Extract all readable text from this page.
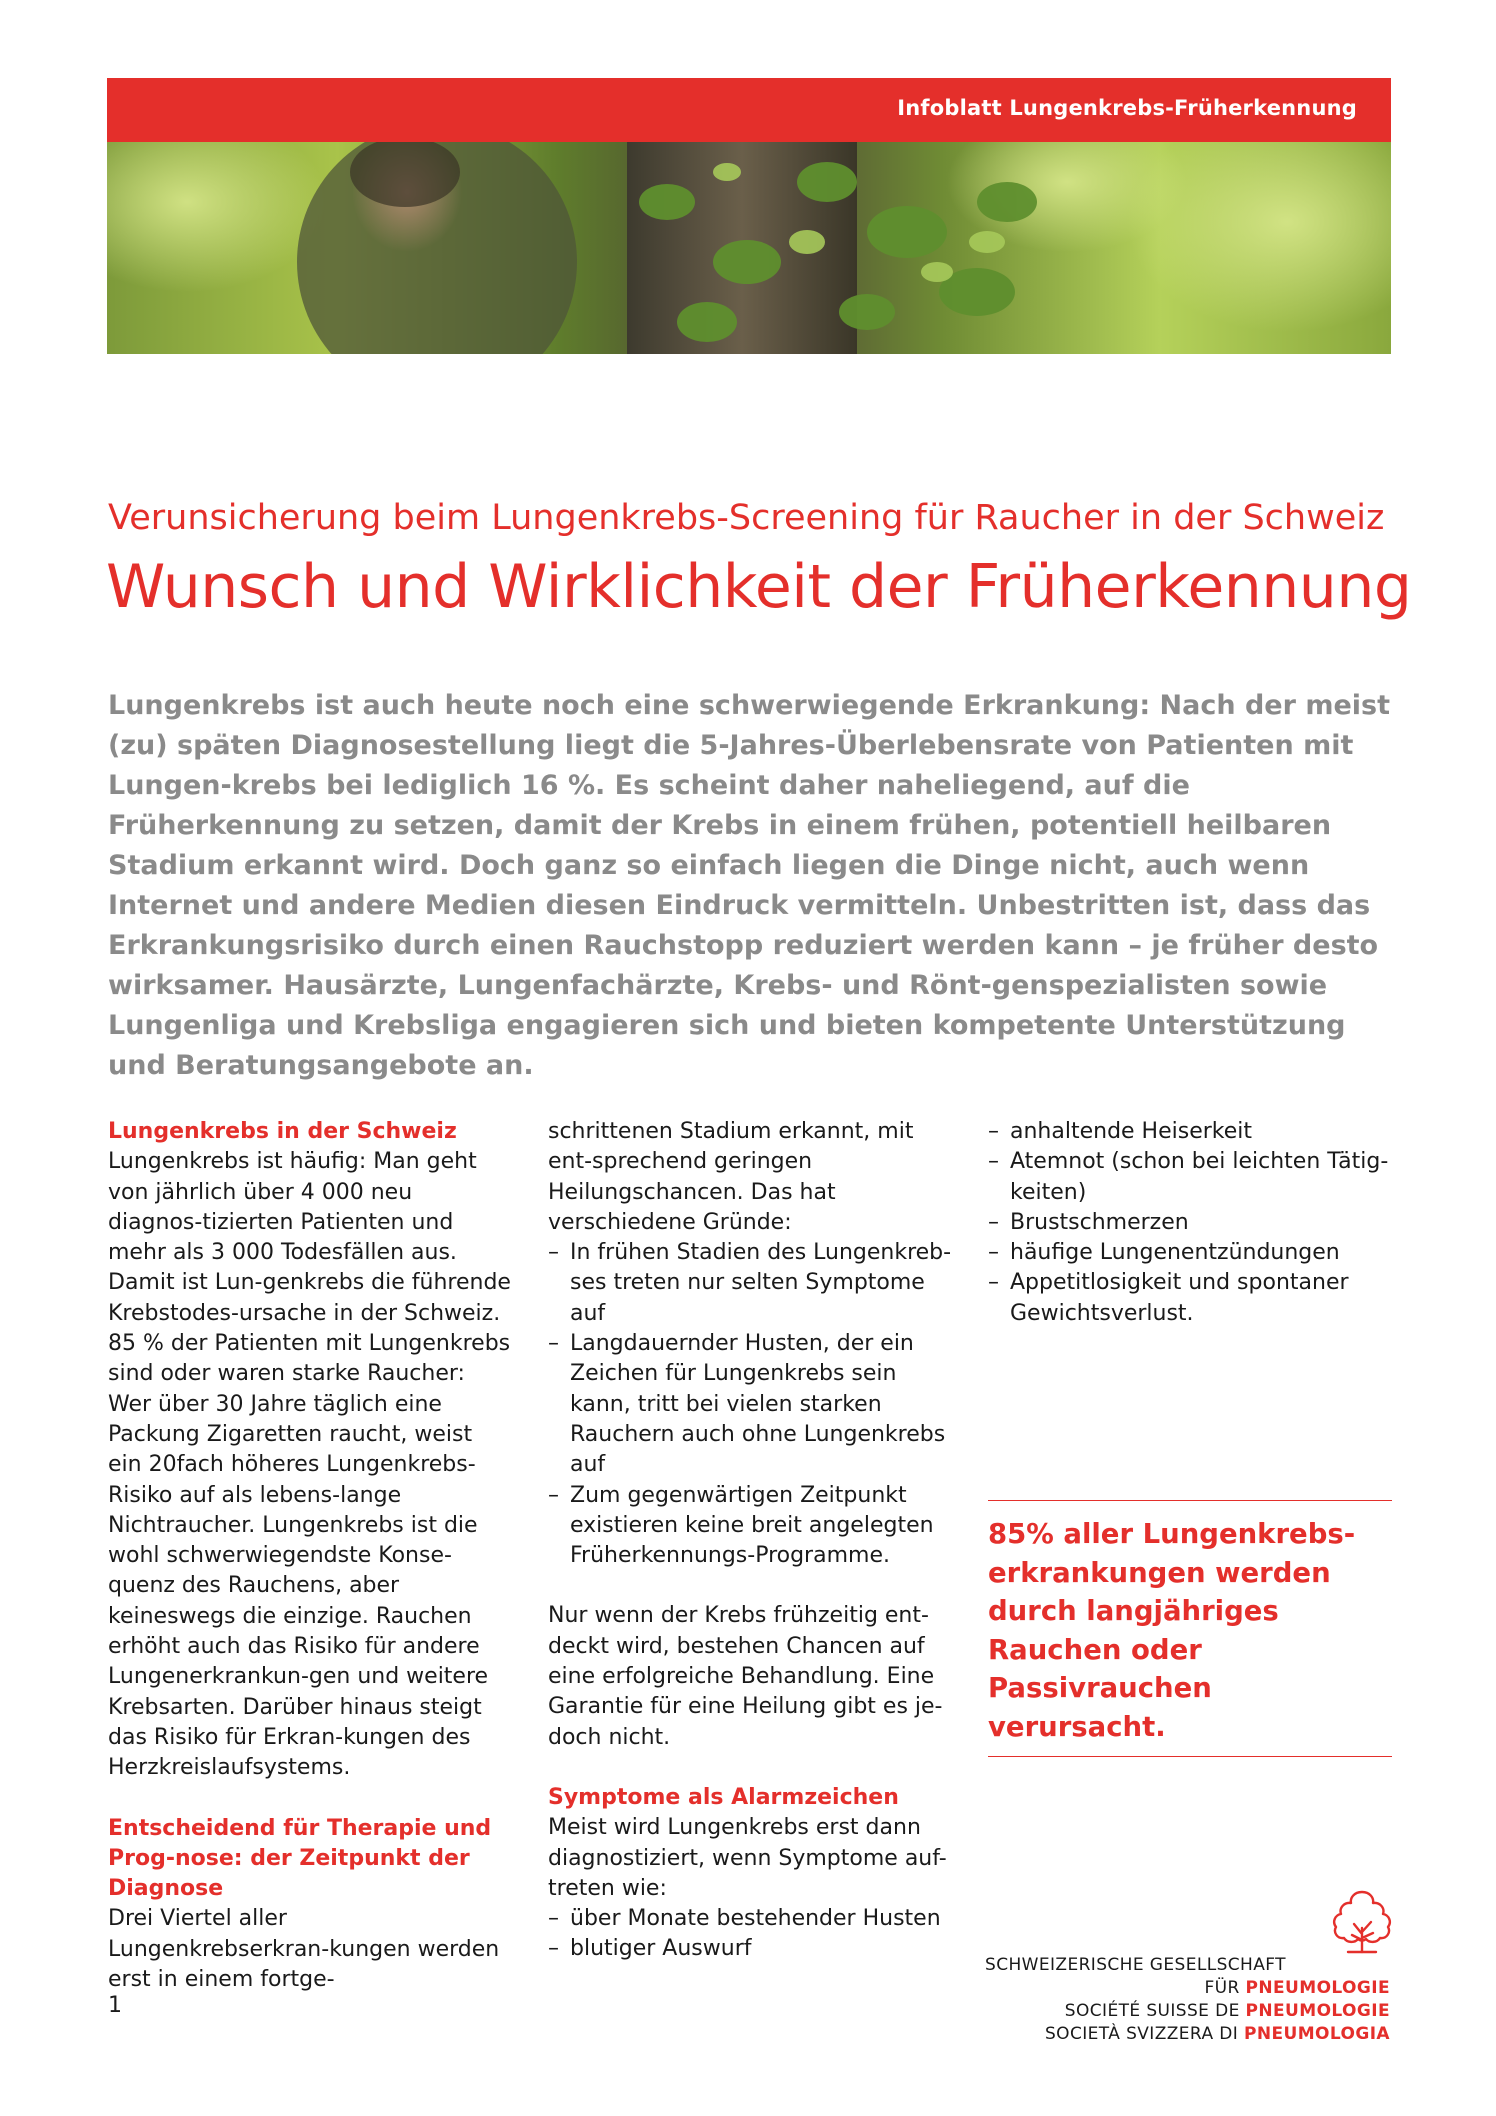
Infoblatt Lungenkrebs-Früherkennung
Verunsicherung beim Lungenkrebs-Screening für Raucher in der Schweiz
Wunsch und Wirklichkeit der Früherkennung
Lungenkrebs ist auch heute noch eine schwerwiegende Erkrankung: Nach der meist (zu) späten Diagnosestellung liegt die 5-Jahres-Überlebensrate von Patienten mit Lungen-krebs bei lediglich 16 %. Es scheint daher naheliegend, auf die Früherkennung zu setzen, damit der Krebs in einem frühen, potentiell heilbaren Stadium erkannt wird. Doch ganz so einfach liegen die Dinge nicht, auch wenn Internet und andere Medien diesen Eindruck vermitteln. Unbestritten ist, dass das Erkrankungsrisiko durch einen Rauchstopp reduziert werden kann – je früher desto wirksamer. Hausärzte, Lungenfachärzte, Krebs- und Rönt-genspezialisten sowie Lungenliga und Krebsliga engagieren sich und bieten kompetente Unterstützung und Beratungsangebote an.
Lungenkrebs in der Schweiz

Lungenkrebs ist häufig: Man geht von jährlich über 4 000 neu diagnos-tizierten Patienten und mehr als 3 000 Todesfällen aus. Damit ist Lun-genkrebs die führende Krebstodes-ursache in der Schweiz. 85 % der Patienten mit Lungenkrebs sind oder waren starke Raucher: Wer über 30 Jahre täglich eine Packung Zigaretten raucht, weist ein 20fach höheres Lungenkrebs-Risiko auf als lebens-lange Nichtraucher. Lungenkrebs ist die wohl schwerwiegendste Konse-quenz des Rauchens, aber keineswegs die einzige. Rauchen erhöht auch das Risiko für andere Lungenerkrankun-gen und weitere Krebsarten. Darüber hinaus steigt das Risiko für Erkran-kungen des Herzkreislaufsystems.

Entscheidend für Therapie und Prog-nose: der Zeitpunkt der Diagnose

Drei Viertel aller Lungenkrebserkran-kungen werden erst in einem fortge-

schrittenen Stadium erkannt, mit ent-sprechend geringen Heilungschancen. Das hat verschiedene Gründe:

– In frühen Stadien des Lungenkreb-ses treten nur selten Symptome auf
– Langdauernder Husten, der ein Zeichen für Lungenkrebs sein kann, tritt bei vielen starken Rauchern auch ohne Lungenkrebs auf
– Zum gegenwärtigen Zeitpunkt existieren keine breit angelegten Früherkennungs-Programme.

Nur wenn der Krebs frühzeitig ent-deckt wird, bestehen Chancen auf eine erfolgreiche Behandlung. Eine Garantie für eine Heilung gibt es je-doch nicht.

Symptome als Alarmzeichen

Meist wird Lungenkrebs erst dann diagnostiziert, wenn Symptome auf-treten wie:

– über Monate bestehender Husten
– blutiger Auswurf
– anhaltende Heiserkeit
– Atemnot (schon bei leichten Tätig-keiten)
– Brustschmerzen
– häufige Lungenentzündungen
– Appetitlosigkeit und spontaner Gewichtsverlust.
85% aller Lungenkrebs-erkrankungen werden durch langjähriges Rauchen oder Passivrauchen verursacht.
1
SCHWEIZERISCHE GESELLSCHAFT
FÜR PNEUMOLOGIE
SOCIÉTÉ SUISSE DE PNEUMOLOGIE
SOCIETÀ SVIZZERA DI PNEUMOLOGIA
